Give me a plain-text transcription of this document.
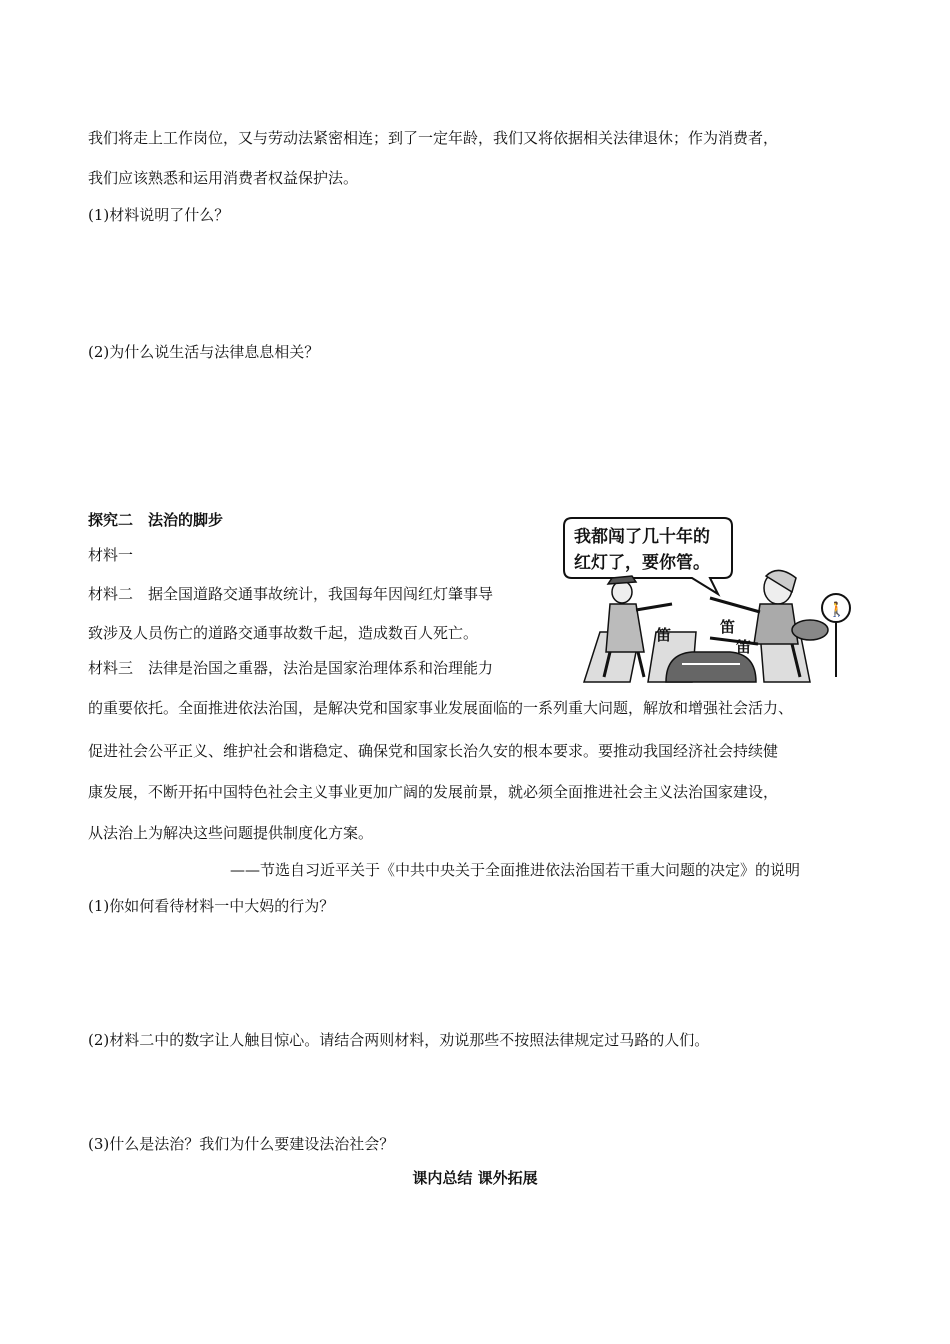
我们将走上工作岗位，又与劳动法紧密相连；到了一定年龄，我们又将依据相关法律退休；作为消费者，
我们应该熟悉和运用消费者权益保护法。
(1)材料说明了什么？
(2)为什么说生活与法律息息相关？
探究二　法治的脚步
材料一
材料二　据全国道路交通事故统计，我国每年因闯红灯肇事导
致涉及人员伤亡的道路交通事故数千起，造成数百人死亡。
材料三　法律是治国之重器，法治是国家治理体系和治理能力
的重要依托。全面推进依法治国，是解决党和国家事业发展面临的一系列重大问题，解放和增强社会活力、
促进社会公平正义、维护社会和谐稳定、确保党和国家长治久安的根本要求。要推动我国经济社会持续健
康发展，不断开拓中国特色社会主义事业更加广阔的发展前景，就必须全面推进社会主义法治国家建设，
从法治上为解决这些问题提供制度化方案。
——节选自习近平关于《中共中央关于全面推进依法治国若干重大问题的决定》的说明
(1)你如何看待材料一中大妈的行为？
(2)材料二中的数字让人触目惊心。请结合两则材料，劝说那些不按照法律规定过马路的人们。
(3)什么是法治？我们为什么要建设法治社会？
课内总结 课外拓展
我都闯了几十年的
红灯了，要你管。
🚶
笛	笛
笛
